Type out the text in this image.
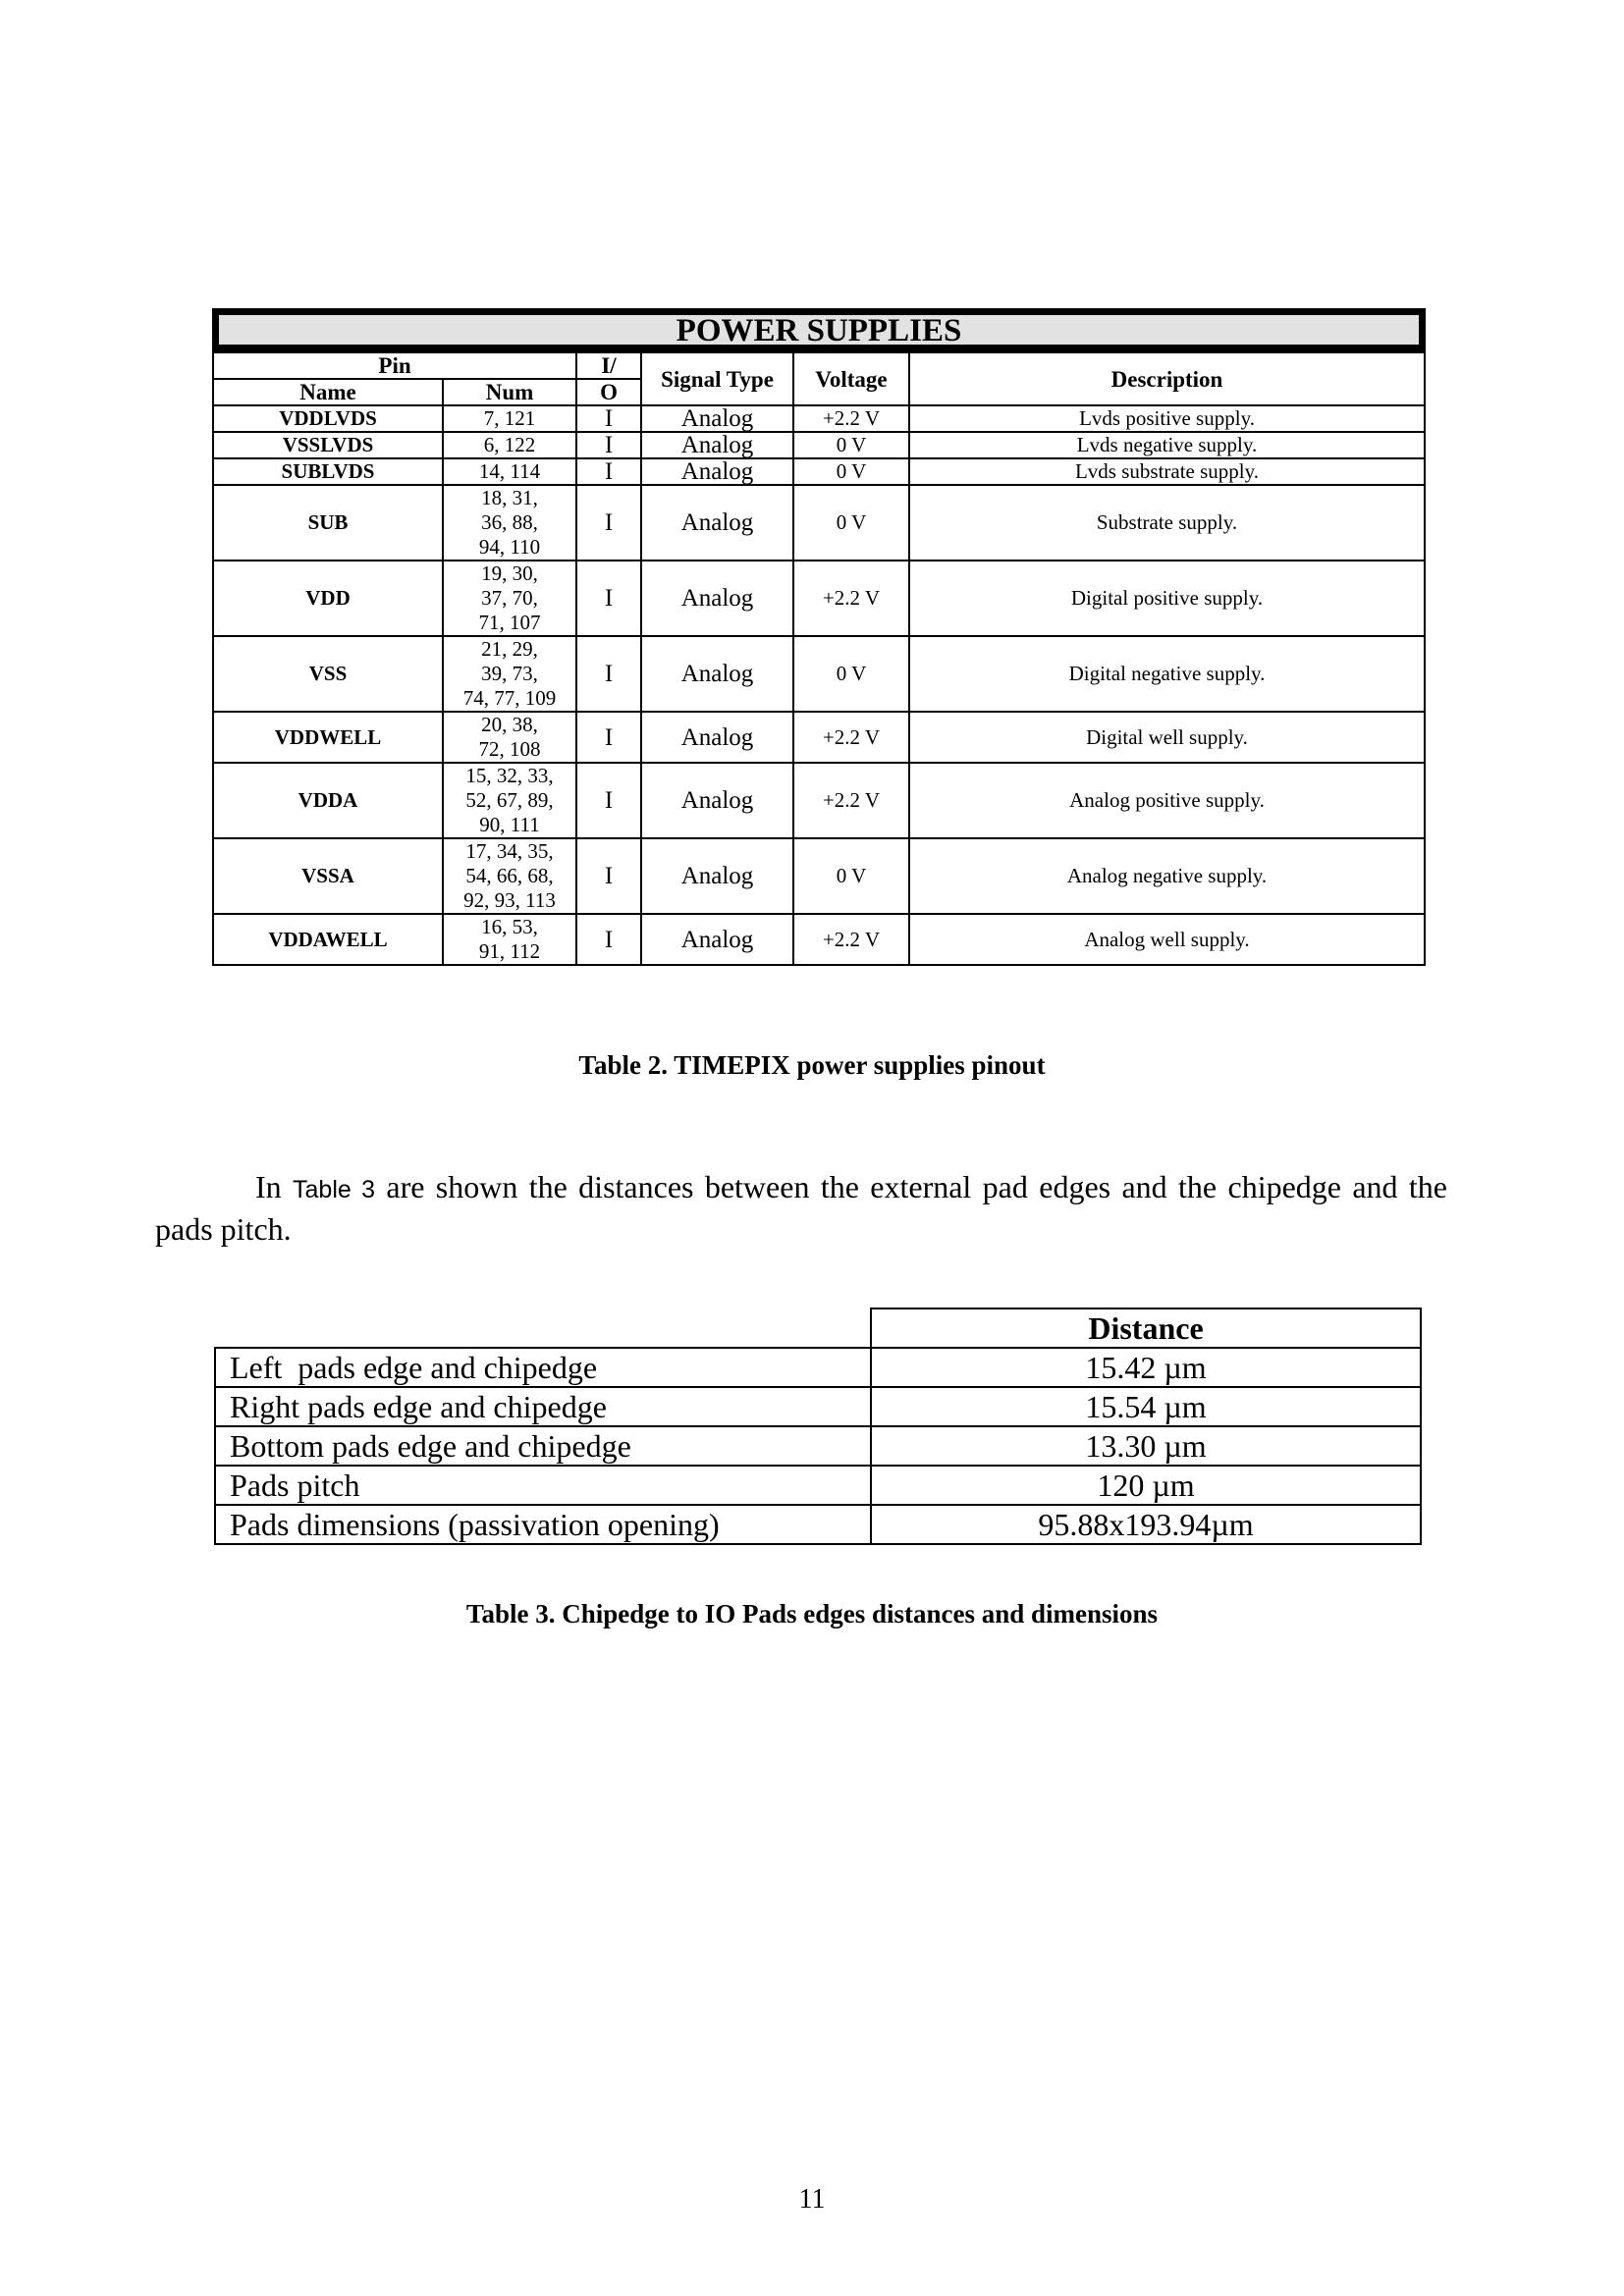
POWER SUPPLIES
Pin		I/	Signal Type	Voltage	Description
Name	Num	O			
VDDLVDS	7, 121	I	Analog	+2.2 V	Lvds positive supply.
VSSLVDS	6, 122	I	Analog	0 V	Lvds negative supply.
SUBLVDS	14, 114	I	Analog	0 V	Lvds substrate supply.
SUB	18, 31,
36, 88,
94, 110	I	Analog	0 V	Substrate supply.
VDD	19, 30,
37, 70,
71, 107	I	Analog	+2.2 V	Digital positive supply.
VSS	21, 29,
39, 73,
74, 77, 109	I	Analog	0 V	Digital negative supply.
VDDWELL	20, 38,
72, 108	I	Analog	+2.2 V	Digital well supply.
VDDA	15, 32, 33,
52, 67, 89,
90, 111	I	Analog	+2.2 V	Analog positive supply.
VSSA	17, 34, 35,
54, 66, 68,
92, 93, 113	I	Analog	0 V	Analog negative supply.
VDDAWELL	16, 53,
91, 112	I	Analog	+2.2 V	Analog well supply.
Table 2. TIMEPIX power supplies pinout
In Table 3 are shown the distances between the external pad edges and the chipedge and the pads pitch.
	Distance
Left  pads edge and chipedge	15.42 µm
Right pads edge and chipedge	15.54 µm
Bottom pads edge and chipedge	13.30 µm
Pads pitch	120 µm
Pads dimensions (passivation opening)	95.88x193.94µm
Table 3. Chipedge to IO Pads edges distances and dimensions
11
